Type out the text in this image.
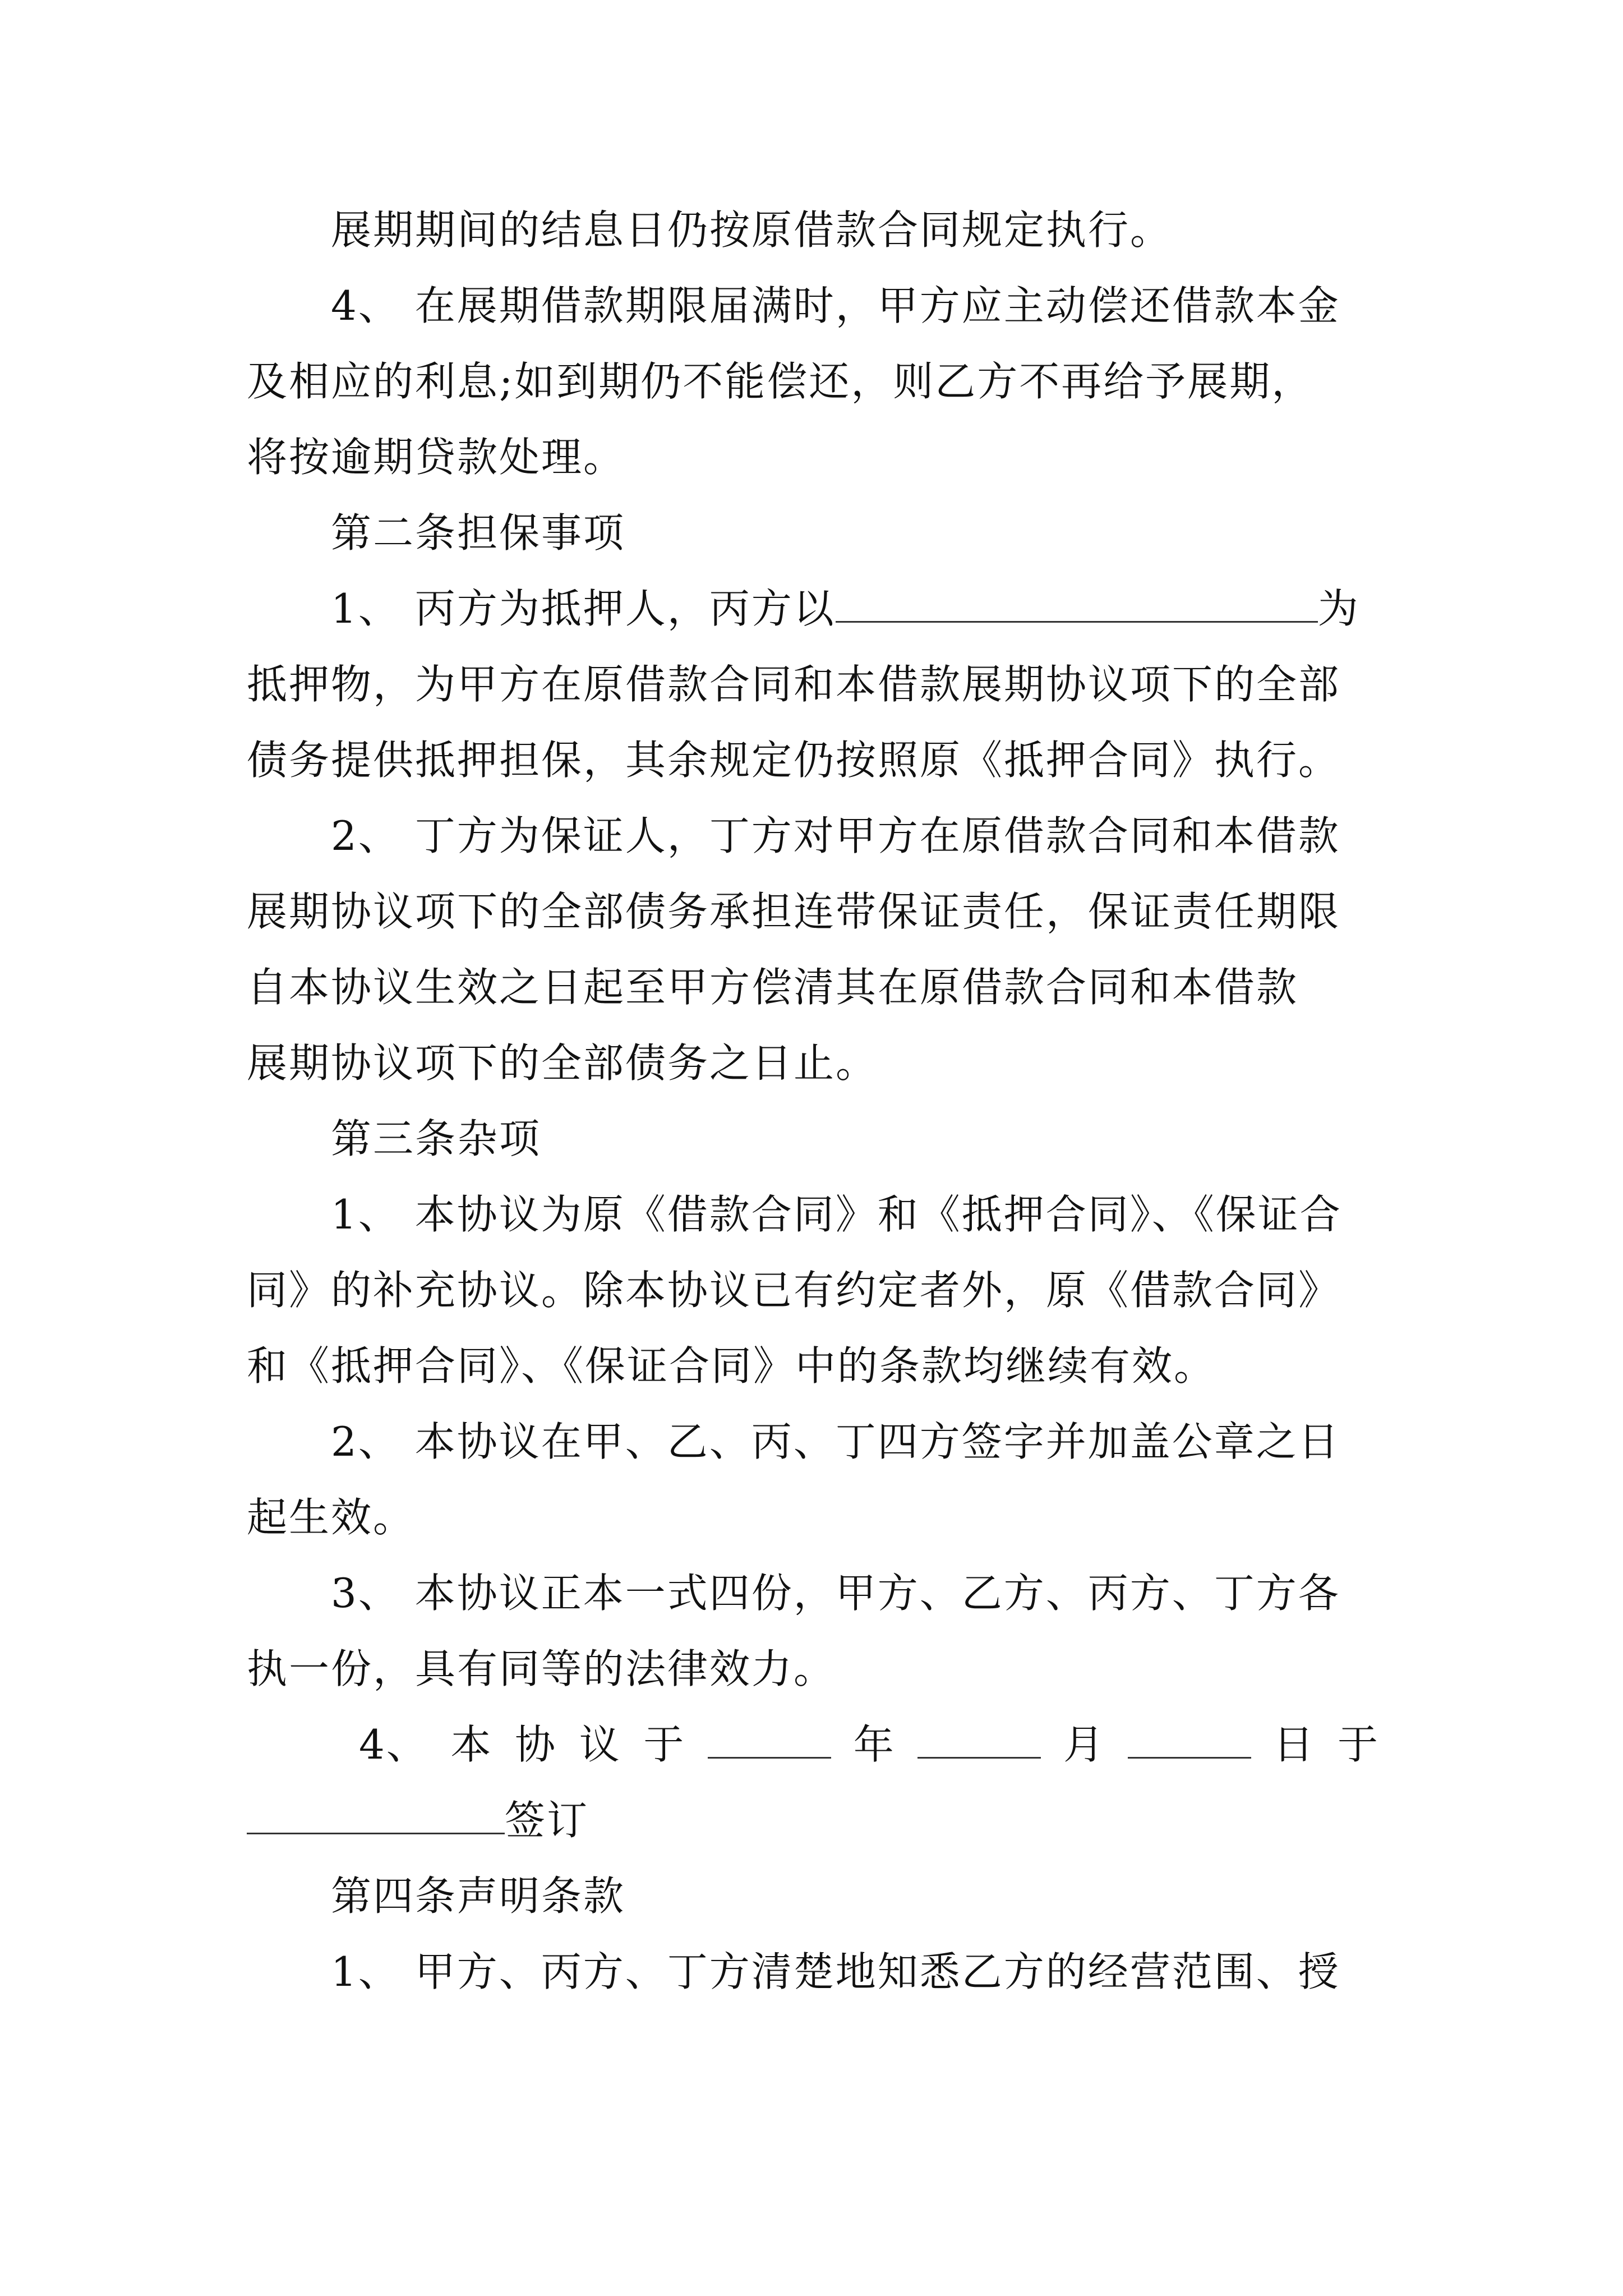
展期期间的结息日仍按原借款合同规定执行。
4、 在展期借款期限届满时，甲方应主动偿还借款本金
及相应的利息;如到期仍不能偿还，则乙方不再给予展期，
将按逾期贷款处理。
第二条担保事项
1、 丙方为抵押人，丙方以	为
抵押物，为甲方在原借款合同和本借款展期协议项下的全部
债务提供抵押担保，其余规定仍按照原《抵押合同》执行。
2、 丁方为保证人，丁方对甲方在原借款合同和本借款
展期协议项下的全部债务承担连带保证责任，保证责任期限
自本协议生效之日起至甲方偿清其在原借款合同和本借款
展期协议项下的全部债务之日止。
第三条杂项
1、 本协议为原《借款合同》和《抵押合同》、《保证合
同》的补充协议。除本协议已有约定者外，原《借款合同》
和《抵押合同》、《保证合同》中的条款均继续有效。
2、 本协议在甲、乙、丙、丁四方签字并加盖公章之日
起生效。
3、 本协议正本一式四份，甲方、乙方、丙方、丁方各
执一份，具有同等的法律效力。
4、 本 协 议 于	年	月	日 于
签订
第四条声明条款
1、 甲方、丙方、丁方清楚地知悉乙方的经营范围、授
